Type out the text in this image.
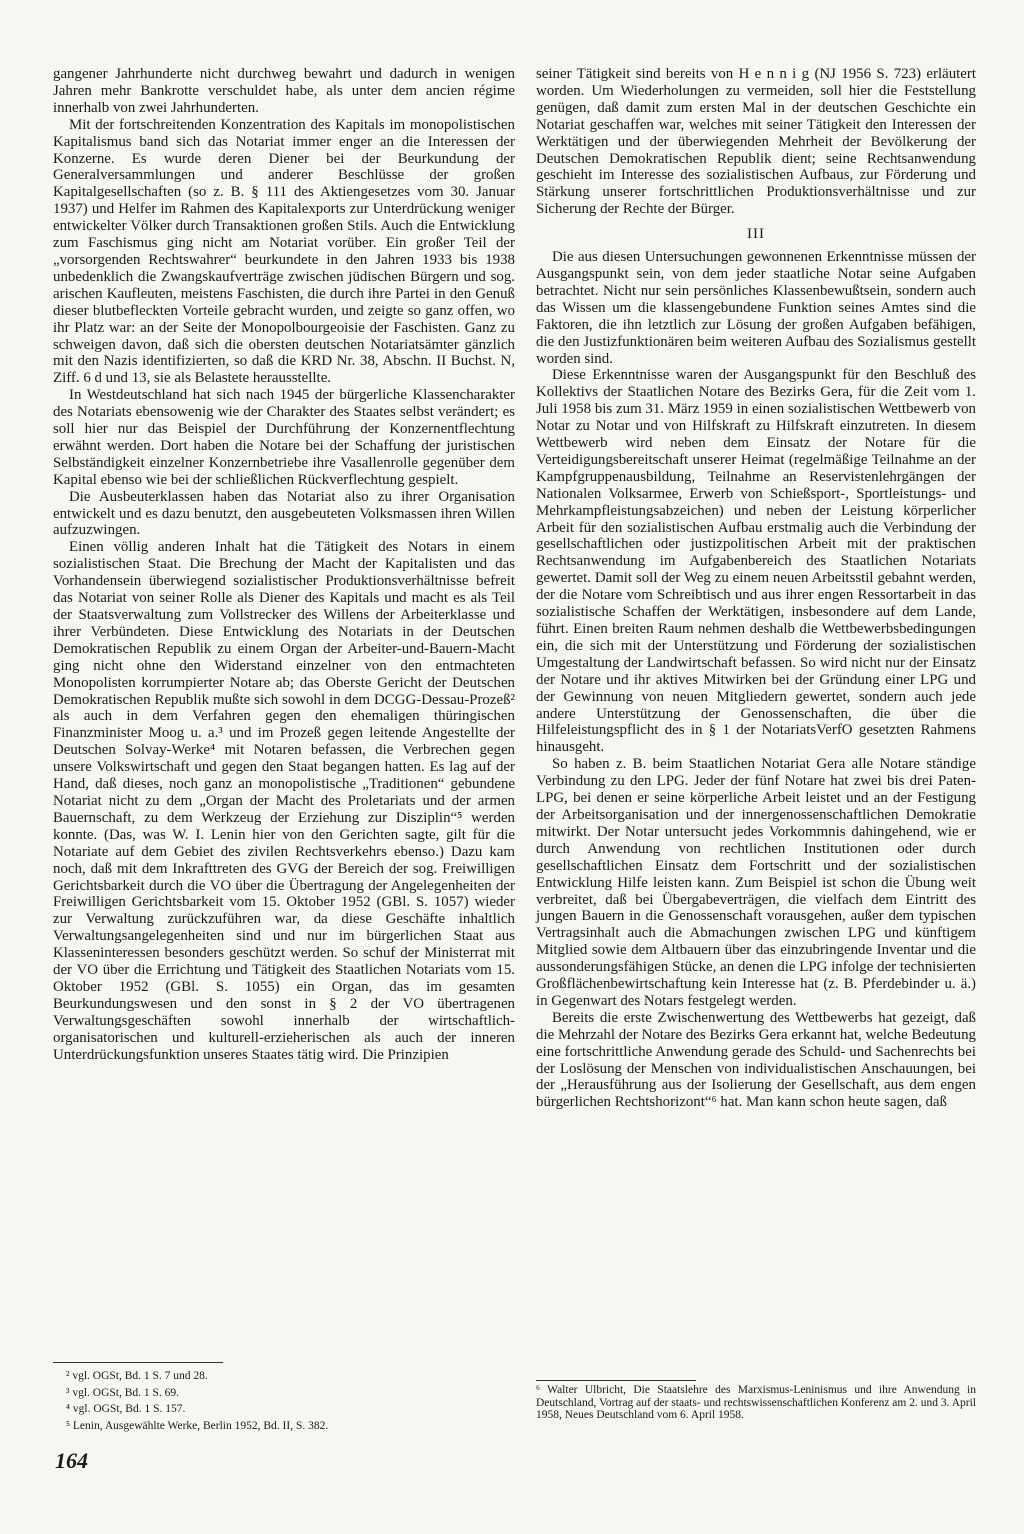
gangener Jahrhunderte nicht durchweg bewahrt und dadurch in wenigen Jahren mehr Bankrotte verschuldet habe, als unter dem ancien régime innerhalb von zwei Jahrhunderten.

Mit der fortschreitenden Konzentration des Kapitals im monopolistischen Kapitalismus band sich das Notariat immer enger an die Interessen der Konzerne. Es wurde deren Diener bei der Beurkundung der Generalversammlungen und anderer Beschlüsse der großen Kapitalgesellschaften (so z. B. § 111 des Aktiengesetzes vom 30. Januar 1937) und Helfer im Rahmen des Kapitalexports zur Unterdrückung weniger entwickelter Völker durch Transaktionen großen Stils. Auch die Entwicklung zum Faschismus ging nicht am Notariat vorüber. Ein großer Teil der „vorsorgenden Rechtswahrer“ beurkundete in den Jahren 1933 bis 1938 unbedenklich die Zwangskaufverträge zwischen jüdischen Bürgern und sog. arischen Kaufleuten, meistens Faschisten, die durch ihre Partei in den Genuß dieser blutbefleckten Vorteile gebracht wurden, und zeigte so ganz offen, wo ihr Platz war: an der Seite der Monopolbourgeoisie der Faschisten. Ganz zu schweigen davon, daß sich die obersten deutschen Notariatsämter gänzlich mit den Nazis identifizierten, so daß die KRD Nr. 38, Abschn. II Buchst. N, Ziff. 6 d und 13, sie als Belastete herausstellte.

In Westdeutschland hat sich nach 1945 der bürgerliche Klassencharakter des Notariats ebensowenig wie der Charakter des Staates selbst verändert; es soll hier nur das Beispiel der Durchführung der Konzernentflechtung erwähnt werden. Dort haben die Notare bei der Schaffung der juristischen Selbständigkeit einzelner Konzernbetriebe ihre Vasallenrolle gegenüber dem Kapital ebenso wie bei der schließlichen Rückverflechtung gespielt.

Die Ausbeuterklassen haben das Notariat also zu ihrer Organisation entwickelt und es dazu benutzt, den ausgebeuteten Volksmassen ihren Willen aufzuzwingen.

Einen völlig anderen Inhalt hat die Tätigkeit des Notars in einem sozialistischen Staat. Die Brechung der Macht der Kapitalisten und das Vorhandensein überwiegend sozialistischer Produktionsverhältnisse befreit das Notariat von seiner Rolle als Diener des Kapitals und macht es als Teil der Staatsverwaltung zum Vollstrecker des Willens der Arbeiterklasse und ihrer Verbündeten. Diese Entwicklung des Notariats in der Deutschen Demokratischen Republik zu einem Organ der Arbeiter-und-Bauern-Macht ging nicht ohne den Widerstand einzelner von den entmachteten Monopolisten korrumpierter Notare ab; das Oberste Gericht der Deutschen Demokratischen Republik mußte sich sowohl in dem DCGG-Dessau-Prozeß² als auch in dem Verfahren gegen den ehemaligen thüringischen Finanzminister Moog u. a.³ und im Prozeß gegen leitende Angestellte der Deutschen Solvay-Werke⁴ mit Notaren befassen, die Verbrechen gegen unsere Volkswirtschaft und gegen den Staat begangen hatten. Es lag auf der Hand, daß dieses, noch ganz an monopolistische „Traditionen“ gebundene Notariat nicht zu dem „Organ der Macht des Proletariats und der armen Bauernschaft, zu dem Werkzeug der Erziehung zur Disziplin“⁵ werden konnte. (Das, was W. I. Lenin hier von den Gerichten sagte, gilt für die Notariate auf dem Gebiet des zivilen Rechtsverkehrs ebenso.) Dazu kam noch, daß mit dem Inkrafttreten des GVG der Bereich der sog. Freiwilligen Gerichtsbarkeit durch die VO über die Übertragung der Angelegenheiten der Freiwilligen Gerichtsbarkeit vom 15. Oktober 1952 (GBl. S. 1057) wieder zur Verwaltung zurückzuführen war, da diese Geschäfte inhaltlich Verwaltungsangelegenheiten sind und nur im bürgerlichen Staat aus Klasseninteressen besonders geschützt werden. So schuf der Ministerrat mit der VO über die Errichtung und Tätigkeit des Staatlichen Notariats vom 15. Oktober 1952 (GBl. S. 1055) ein Organ, das im gesamten Beurkundungswesen und den sonst in § 2 der VO übertragenen Verwaltungsgeschäften sowohl innerhalb der wirtschaftlich-organisatorischen und kulturell-erzieherischen als auch der inneren Unterdrückungsfunktion unseres Staates tätig wird. Die Prinzipien

seiner Tätigkeit sind bereits von H e n n i g (NJ 1956 S. 723) erläutert worden. Um Wiederholungen zu vermeiden, soll hier die Feststellung genügen, daß damit zum ersten Mal in der deutschen Geschichte ein Notariat geschaffen war, welches mit seiner Tätigkeit den Interessen der Werktätigen und der überwiegenden Mehrheit der Bevölkerung der Deutschen Demokratischen Republik dient; seine Rechtsanwendung geschieht im Interesse des sozialistischen Aufbaus, zur Förderung und Stärkung unserer fortschrittlichen Produktionsverhältnisse und zur Sicherung der Rechte der Bürger.

III

Die aus diesen Untersuchungen gewonnenen Erkenntnisse müssen der Ausgangspunkt sein, von dem jeder staatliche Notar seine Aufgaben betrachtet. Nicht nur sein persönliches Klassenbewußtsein, sondern auch das Wissen um die klassengebundene Funktion seines Amtes sind die Faktoren, die ihn letztlich zur Lösung der großen Aufgaben befähigen, die den Justizfunktionären beim weiteren Aufbau des Sozialismus gestellt worden sind.

Diese Erkenntnisse waren der Ausgangspunkt für den Beschluß des Kollektivs der Staatlichen Notare des Bezirks Gera, für die Zeit vom 1. Juli 1958 bis zum 31. März 1959 in einen sozialistischen Wettbewerb von Notar zu Notar und von Hilfskraft zu Hilfskraft einzutreten. In diesem Wettbewerb wird neben dem Einsatz der Notare für die Verteidigungsbereitschaft unserer Heimat (regelmäßige Teilnahme an der Kampfgruppenausbildung, Teilnahme an Reservistenlehrgängen der Nationalen Volksarmee, Erwerb von Schießsport-, Sportleistungs- und Mehrkampfleistungsabzeichen) und neben der Leistung körperlicher Arbeit für den sozialistischen Aufbau erstmalig auch die Verbindung der gesellschaftlichen oder justizpolitischen Arbeit mit der praktischen Rechtsanwendung im Aufgabenbereich des Staatlichen Notariats gewertet. Damit soll der Weg zu einem neuen Arbeitsstil gebahnt werden, der die Notare vom Schreibtisch und aus ihrer engen Ressortarbeit in das sozialistische Schaffen der Werktätigen, insbesondere auf dem Lande, führt. Einen breiten Raum nehmen deshalb die Wettbewerbsbedingungen ein, die sich mit der Unterstützung und Förderung der sozialistischen Umgestaltung der Landwirtschaft befassen. So wird nicht nur der Einsatz der Notare und ihr aktives Mitwirken bei der Gründung einer LPG und der Gewinnung von neuen Mitgliedern gewertet, sondern auch jede andere Unterstützung der Genossenschaften, die über die Hilfeleistungspflicht des in § 1 der NotariatsVerfO gesetzten Rahmens hinausgeht.

So haben z. B. beim Staatlichen Notariat Gera alle Notare ständige Verbindung zu den LPG. Jeder der fünf Notare hat zwei bis drei Paten-LPG, bei denen er seine körperliche Arbeit leistet und an der Festigung der Arbeitsorganisation und der innergenossenschaftlichen Demokratie mitwirkt. Der Notar untersucht jedes Vorkommnis dahingehend, wie er durch Anwendung von rechtlichen Institutionen oder durch gesellschaftlichen Einsatz dem Fortschritt und der sozialistischen Entwicklung Hilfe leisten kann. Zum Beispiel ist schon die Übung weit verbreitet, daß bei Übergabeverträgen, die vielfach dem Eintritt des jungen Bauern in die Genossenschaft vorausgehen, außer dem typischen Vertragsinhalt auch die Abmachungen zwischen LPG und künftigem Mitglied sowie dem Altbauern über das einzubringende Inventar und die aussonderungsfähigen Stücke, an denen die LPG infolge der technisierten Großflächenbewirtschaftung kein Interesse hat (z. B. Pferdebinder u. ä.) in Gegenwart des Notars festgelegt werden.

Bereits die erste Zwischenwertung des Wettbewerbs hat gezeigt, daß die Mehrzahl der Notare des Bezirks Gera erkannt hat, welche Bedeutung eine fortschrittliche Anwendung gerade des Schuld- und Sachenrechts bei der Loslösung der Menschen von individualistischen Anschauungen, bei der „Herausführung aus der Isolierung der Gesellschaft, aus dem engen bürgerlichen Rechtshorizont“⁶ hat. Man kann schon heute sagen, daß

² vgl. OGSt, Bd. 1 S. 7 und 28.
³ vgl. OGSt, Bd. 1 S. 69.
⁴ vgl. OGSt, Bd. 1 S. 157.
⁵ Lenin, Ausgewählte Werke, Berlin 1952, Bd. II, S. 382.
⁶ Walter Ulbricht, Die Staatslehre des Marxismus-Leninismus und ihre Anwendung in Deutschland, Vortrag auf der staats- und rechtswissenschaftlichen Konferenz am 2. und 3. April 1958, Neues Deutschland vom 6. April 1958.
164
